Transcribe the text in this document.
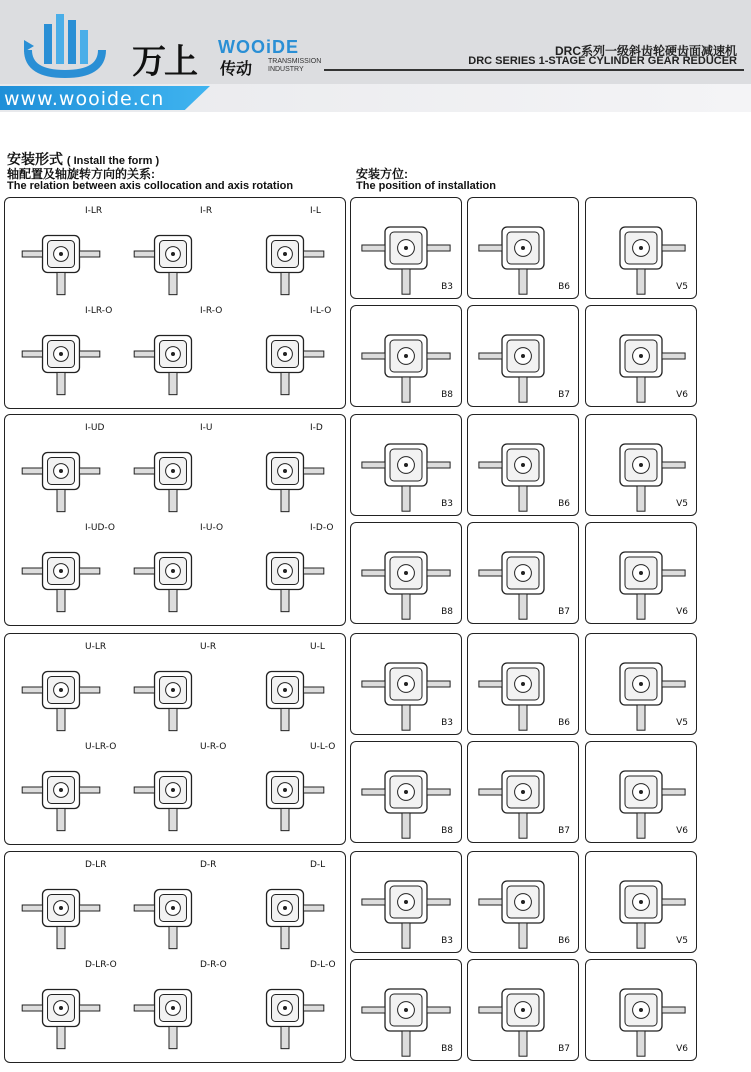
万上 WOOiDE
传动 TRANSMISSION
INDUSTRY
DRC系列一级斜齿轮硬齿面减速机
DRC SERIES 1-STAGE CYLINDER GEAR REDUCER
www.wooide.cn
安装形式 ( Install the form )
轴配置及轴旋转方向的关系:
The relation between axis collocation and axis rotation
安装方位:
The position of installation
I-LR	I-R	I-L
I-LR-O	I-R-O	I-L-O
I-UD	I-U	I-D
I-UD-O	I-U-O	I-D-O
U-LR	U-R	U-L
U-LR-O	U-R-O	U-L-O
D-LR	D-R	D-L
D-LR-O	D-R-O	D-L-O
B3	B6	V5
B8	B7	V6
B3	B6	V5
B8	B7	V6
B3	B6	V5
B8	B7	V6
B3	B6	V5
B8	B7	V6
